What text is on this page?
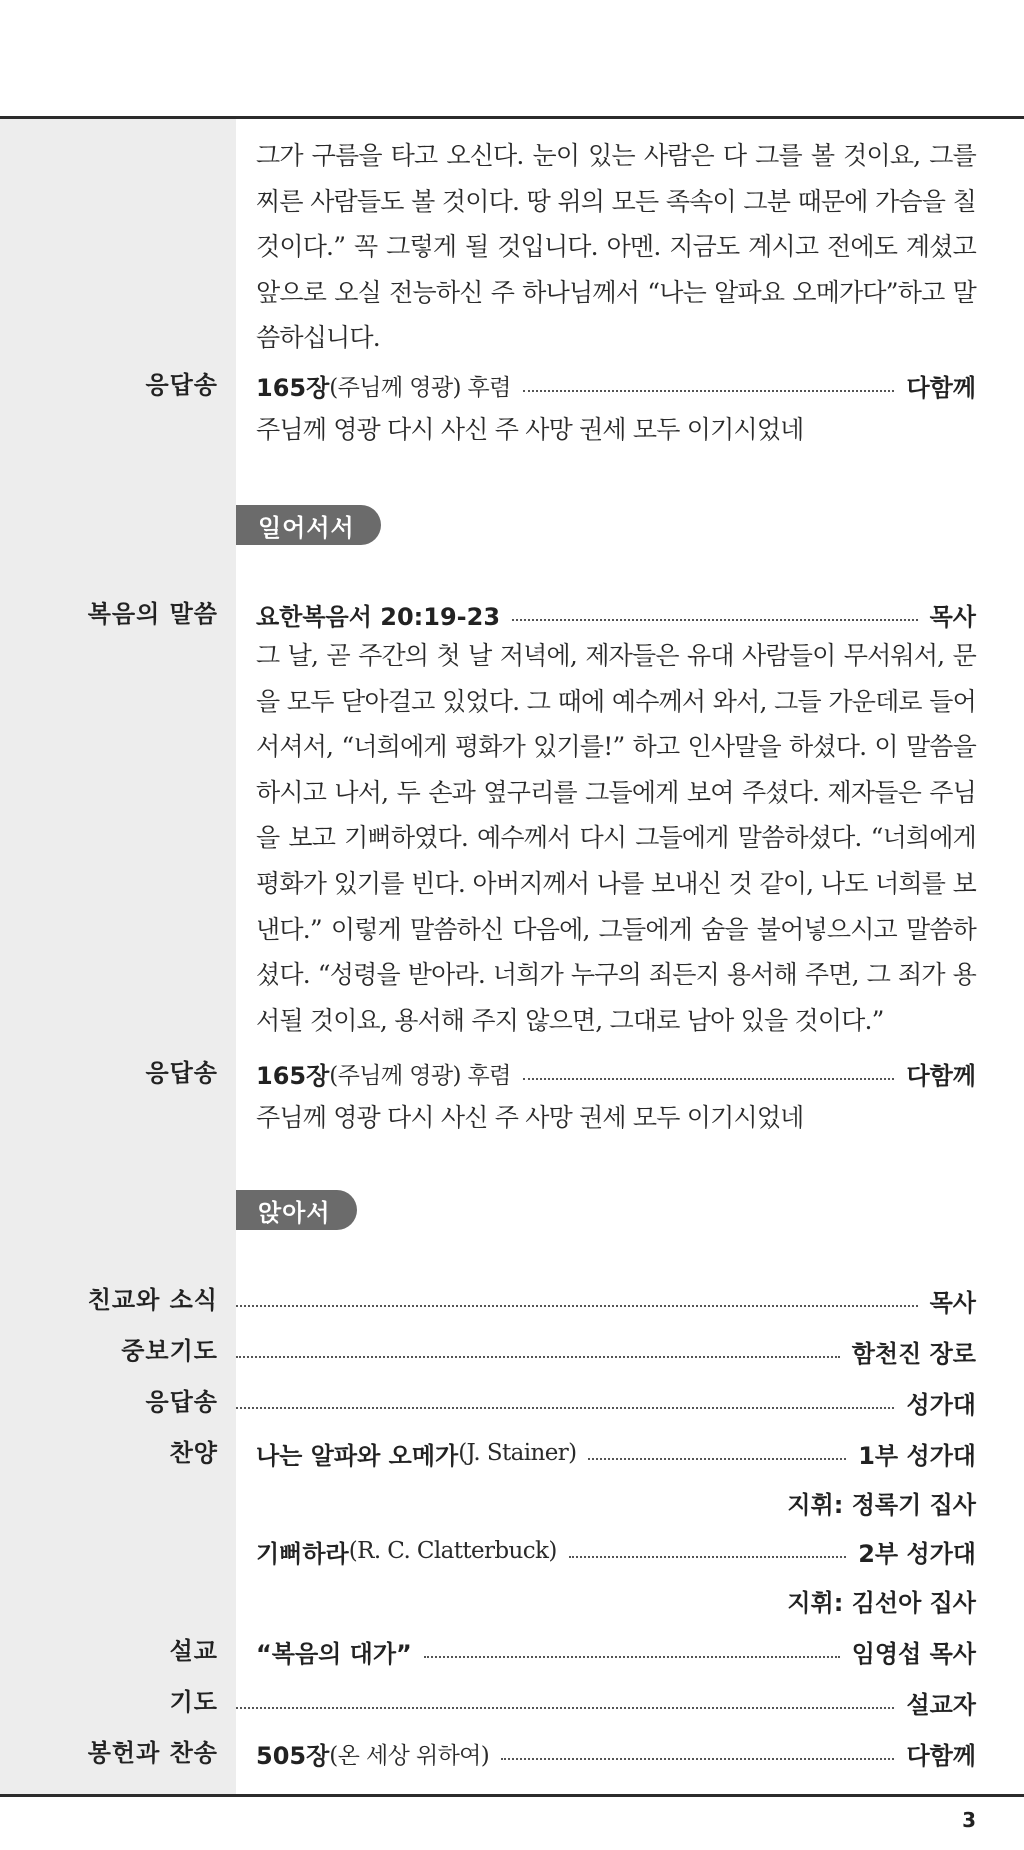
그가 구름을 타고 오신다. 눈이 있는 사람은 다 그를 볼 것이요, 그를 찌른 사람들도 볼 것이다. 땅 위의 모든 족속이 그분 때문에 가슴을 칠 것이다.” 꼭 그렇게 될 것입니다. 아멘. 지금도 계시고 전에도 계셨고 앞으로 오실 전능하신 주 하나님께서 “나는 알파요 오메가다”하고 말씀하십니다.

응답송 165장 (주님께 영광) 후렴	다함께
주님께 영광 다시 사신 주 사망 권세 모두 이기시었네
일어서서
복음의 말씀 요한복음서 20:19-23	목사

그 날, 곧 주간의 첫 날 저녁에, 제자들은 유대 사람들이 무서워서, 문을 모두 닫아걸고 있었다. 그 때에 예수께서 와서, 그들 가운데로 들어서셔서, “너희에게 평화가 있기를!” 하고 인사말을 하셨다. 이 말씀을 하시고 나서, 두 손과 옆구리를 그들에게 보여 주셨다. 제자들은 주님을 보고 기뻐하였다. 예수께서 다시 그들에게 말씀하셨다. “너희에게 평화가 있기를 빈다. 아버지께서 나를 보내신 것 같이, 나도 너희를 보낸다.” 이렇게 말씀하신 다음에, 그들에게 숨을 불어넣으시고 말씀하셨다. “성령을 받아라. 너희가 누구의 죄든지 용서해 주면, 그 죄가 용서될 것이요, 용서해 주지 않으면, 그대로 남아 있을 것이다.”

응답송 165장 (주님께 영광) 후렴	다함께
주님께 영광 다시 사신 주 사망 권세 모두 이기시었네
앉아서
친교와 소식	목사
중보기도	함천진 장로
응답송	성가대
찬양 나는 알파와 오메가 (J. Stainer)	1부 성가대
지휘: 정록기 집사
기뻐하라 (R. C. Clatterbuck)	2부 성가대
지휘: 김선아 집사
설교 “복음의 대가”	임영섭 목사
기도	설교자
봉헌과 찬송 505장 (온 세상 위하여)	다함께
3
